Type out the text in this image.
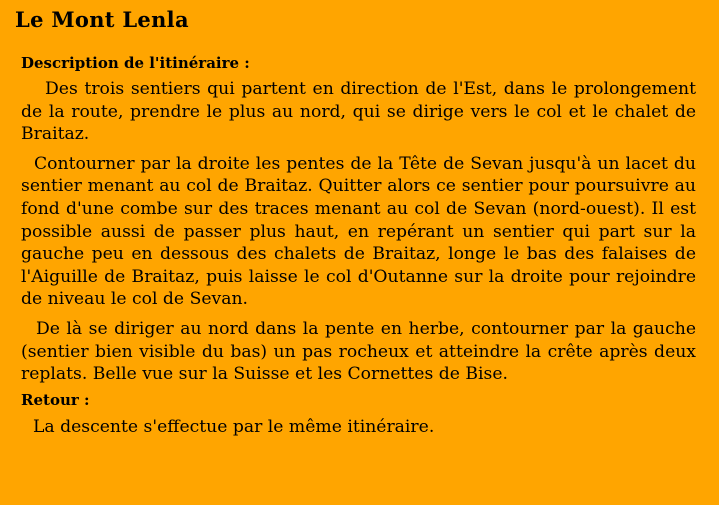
Le Mont Lenla

Description de l'itinéraire :

Des trois sentiers qui partent en direction de l'Est, dans le prolongement de la route, prendre le plus au nord, qui se dirige vers le col et le chalet de Braitaz.

Contourner par la droite les pentes de la Tête de Sevan jusqu'à un lacet du sentier menant au col de Braitaz. Quitter alors ce sentier pour poursuivre au fond d'une combe sur des traces menant au col de Sevan (nord-ouest). Il est possible aussi de passer plus haut, en repérant un sentier qui part sur la gauche peu en dessous des chalets de Braitaz, longe le bas des falaises de l'Aiguille de Braitaz, puis laisse le col d'Outanne sur la droite pour rejoindre de niveau le col de Sevan.

De là se diriger au nord dans la pente en herbe, contourner par la gauche (sentier bien visible du bas) un pas rocheux et atteindre la crête après deux replats. Belle vue sur la Suisse et les Cornettes de Bise.

Retour :

La descente s'effectue par le même itinéraire.
